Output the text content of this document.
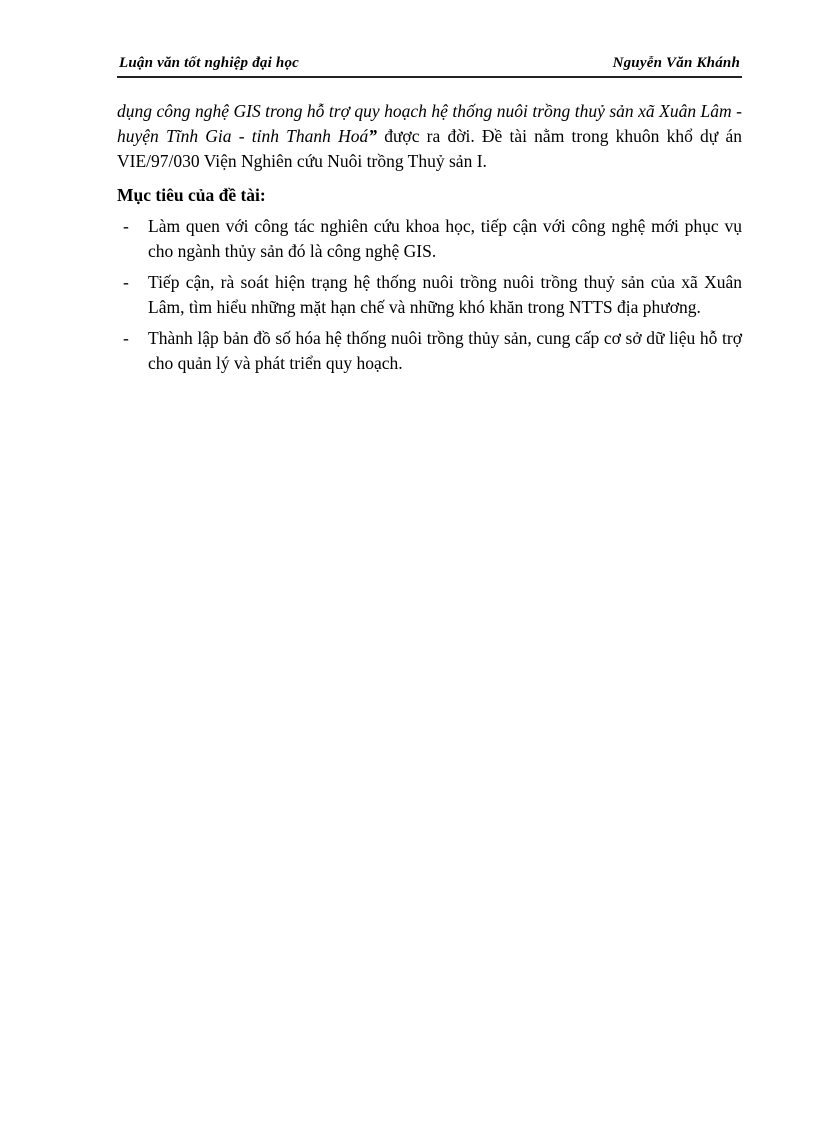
Luận văn tốt nghiệp đại học	Nguyễn Văn Khánh

dụng công nghệ GIS trong hỗ trợ quy hoạch hệ thống nuôi trồng thuỷ sản xã Xuân Lâm - huyện Tĩnh Gia - tỉnh Thanh Hoá” được ra đời. Đề tài nằm trong khuôn khổ dự án VIE/97/030 Viện Nghiên cứu Nuôi trồng Thuỷ sản I.

Mục tiêu của đề tài:
- Làm quen với công tác nghiên cứu khoa học, tiếp cận với công nghệ mới phục vụ cho ngành thủy sản đó là công nghệ GIS.
- Tiếp cận, rà soát hiện trạng hệ thống nuôi trồng nuôi trồng thuỷ sản của xã Xuân Lâm, tìm hiểu những mặt hạn chế và những khó khăn trong NTTS địa phương.
- Thành lập bản đồ số hóa hệ thống nuôi trồng thủy sản, cung cấp cơ sở dữ liệu hỗ trợ cho quản lý và phát triển quy hoạch.
